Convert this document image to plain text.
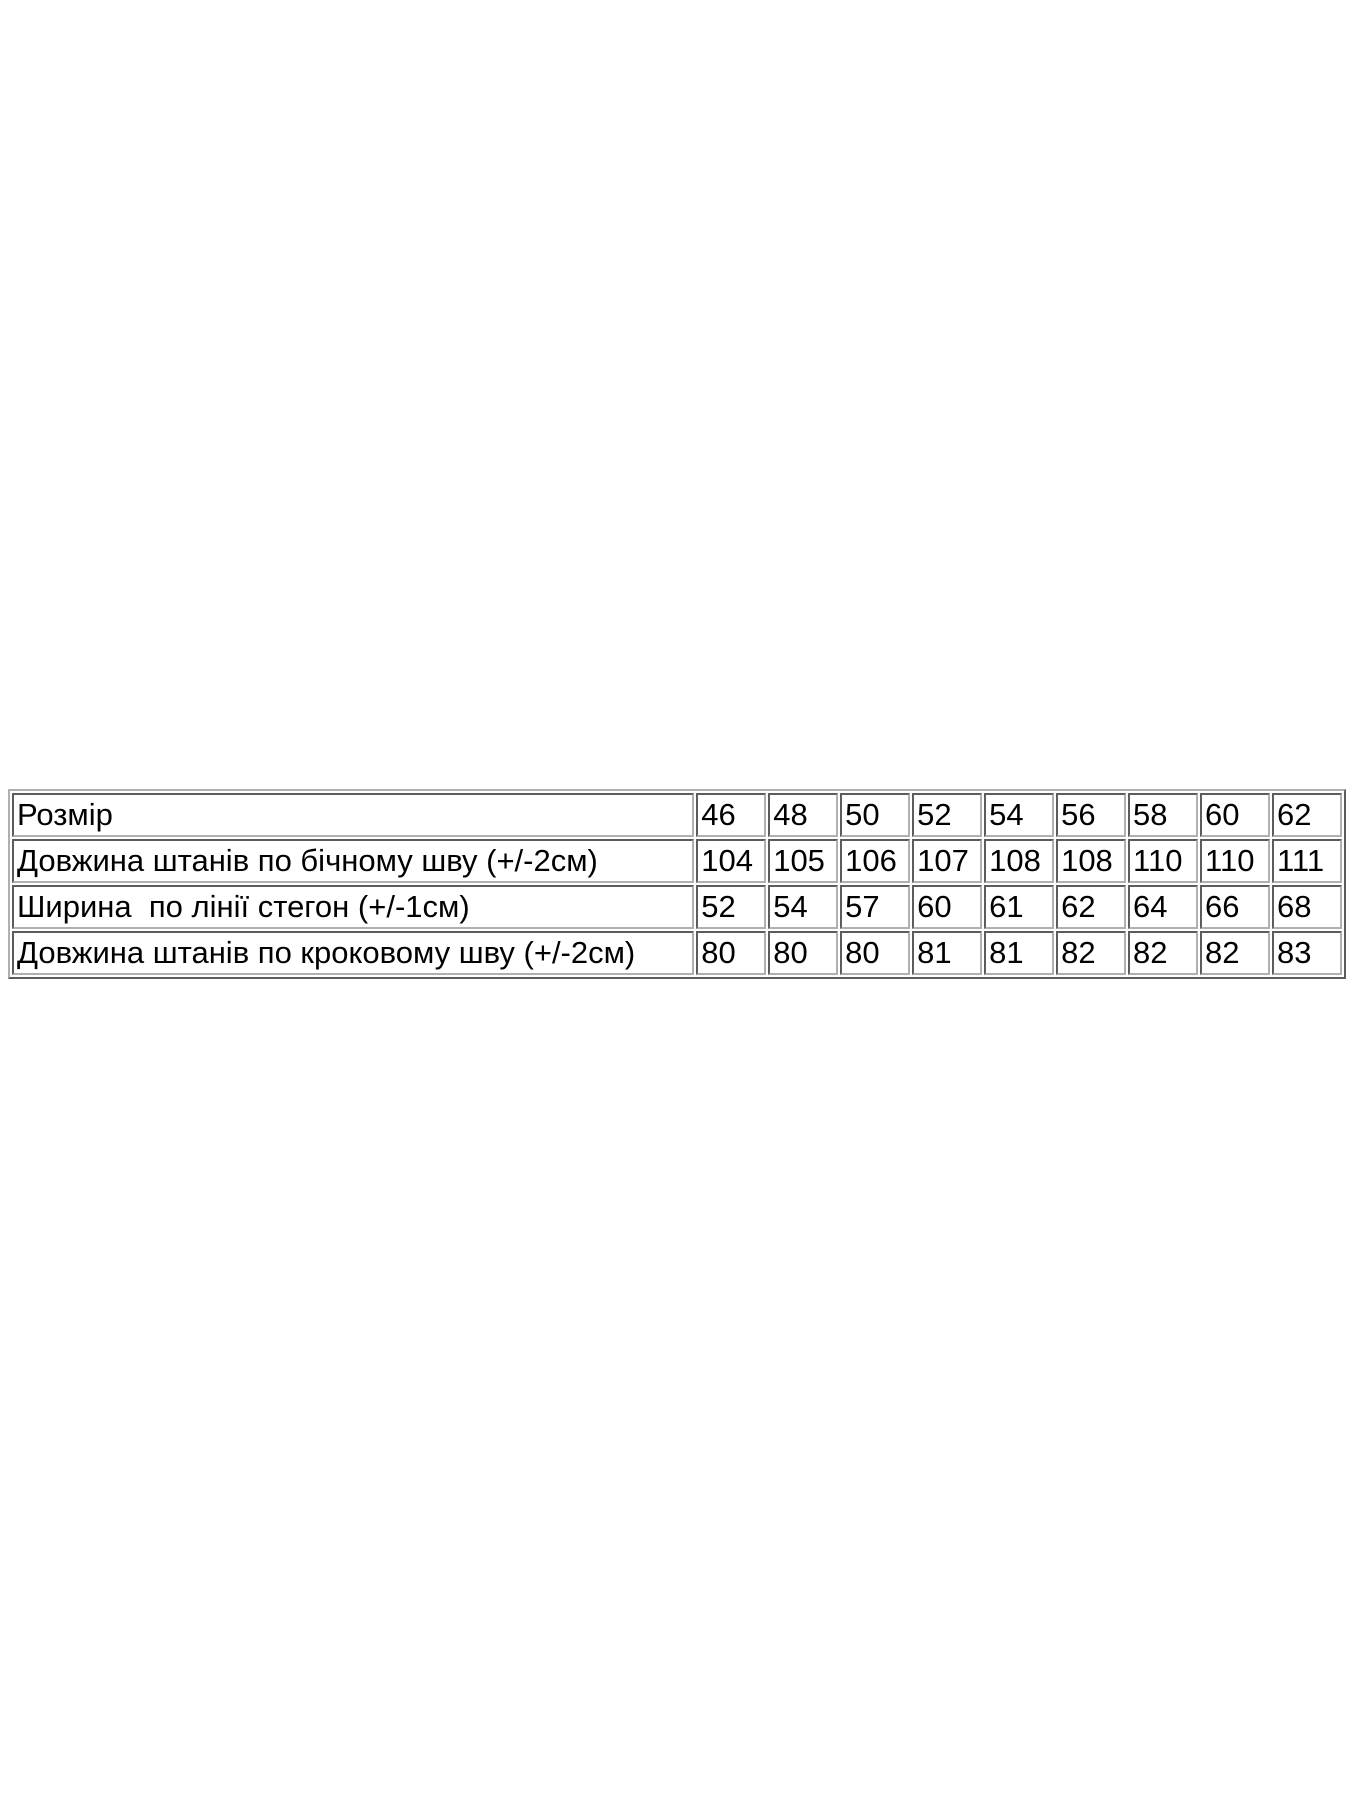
Розмір	46	48	50	52	54	56	58	60	62
Довжина штанів по бічному шву (+/-2см)	104	105	106	107	108	108	110	110	111
Ширина  по лінії стегон (+/-1см)	52	54	57	60	61	62	64	66	68
Довжина штанів по кроковому шву (+/-2см)	80	80	80	81	81	82	82	82	83
